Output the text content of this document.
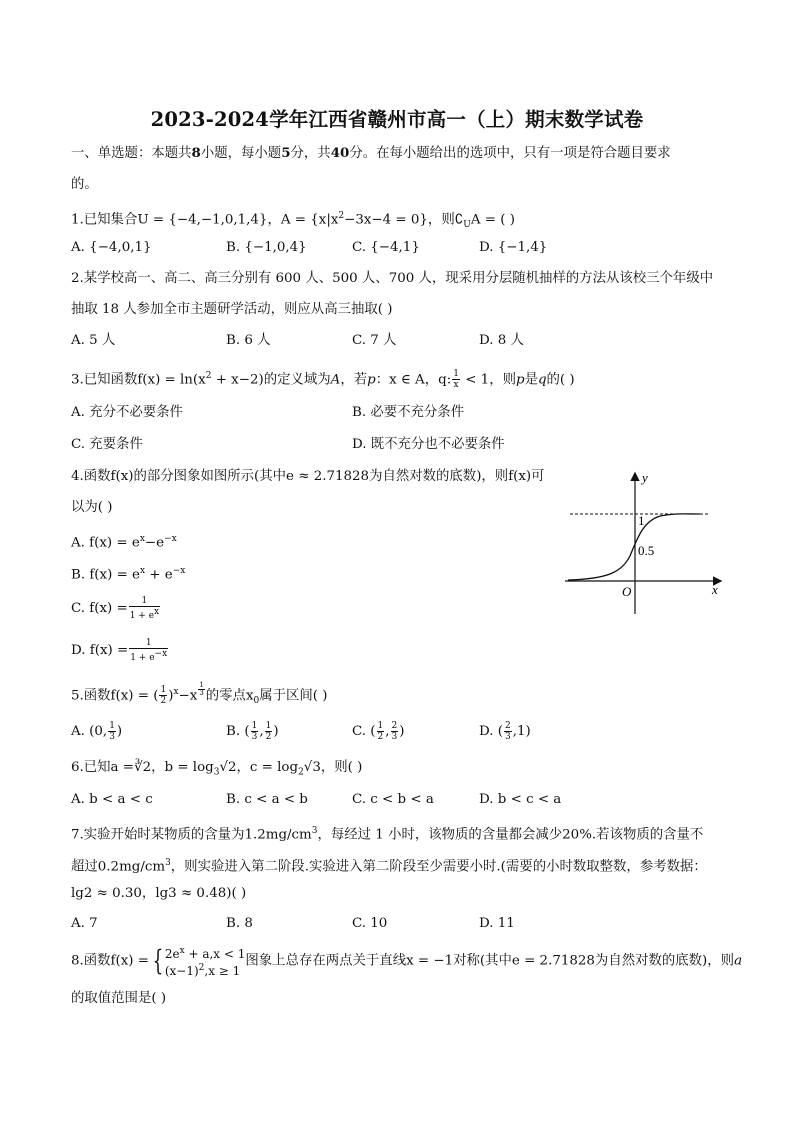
2023-2024学年江西省赣州市高一（上）期末数学试卷
一、单选题：本题共8小题，每小题5分，共40分。在每小题给出的选项中，只有一项是符合题目要求
的。
1.已知集合U = {−4,−1,0,1,4}，$A = \{x|x^2-3x-4 = 0\}$，则$∁_UA$ = ( )
A. {−4,0,1}	B. {−1,0,4}	C. {−4,1}	D. {−1,4}
2.某学校高一、高二、高三分别有 600 人、500 人、700 人，现采用分层随机抽样的方法从该校三个年级中
抽取 18 人参加全市主题研学活动，则应从高三抽取( )
A. 5 人	B. 6 人	C. 7 人	D. 8 人
3.已知函数$f(x) = \ln(x^2 + x-2)$的定义域为A，若p：x ∈ A，q: $\frac{1}{x} < 1$，则p是q的( )
A. 充分不必要条件	B. 必要不充分条件
C. 充要条件	D. 既不充分也不必要条件
4.函数f(x)的部分图象如图所示(其中e ≈ 2.71828为自然对数的底数)，则f(x)可
以为( )
A. $f(x) = e^x-e^{-x}$
B. $f(x) = e^x + e^{-x}$
C. $f(x) = \frac{1}{1 + e^x}$
D. $f(x) = \frac{1}{1 + e^{-x}}$
y
x
O
1
0.5
5.函数f(x) = ( $\frac{1}{2} )^x-x$ $^{\frac{1}{3}}$ 的零点$x_0$属于区间( )
A. (0, $\frac{1}{3}$ )	B. ( $\frac{1}{3}$ , $\frac{1}{2}$ )	C. ( $\frac{1}{2}$ , $\frac{2}{3}$ )	D. ( $\frac{2}{3} ,1$)
6.已知a =∛2，$b = \log_3√2$，$c = \log_2√3$，则( )
A. b < a < c	B. c < a < b	C. c < b < a	D. b < c < a
7.实验开始时某物质的含量为$1.2mg/cm^3$，每经过 1 小时，该物质的含量都会减少20%.若该物质的含量不
超过$0.2mg/cm^3$，则实验进入第二阶段.实验进入第二阶段至少需要小时.(需要的小时数取整数，参考数据：
lg2 ≈ 0.30，lg3 ≈ 0.48)( )
A. 7	B. 8	C. 10	D. 11
8.函数f(x) = { $2e^x + a,x < 1$
$(x-1)^2,x \ge 1$
图象上总存在两点关于直线x = −1对称(其中e = 2.71828为自然对数的底数)，则a
的取值范围是( )
